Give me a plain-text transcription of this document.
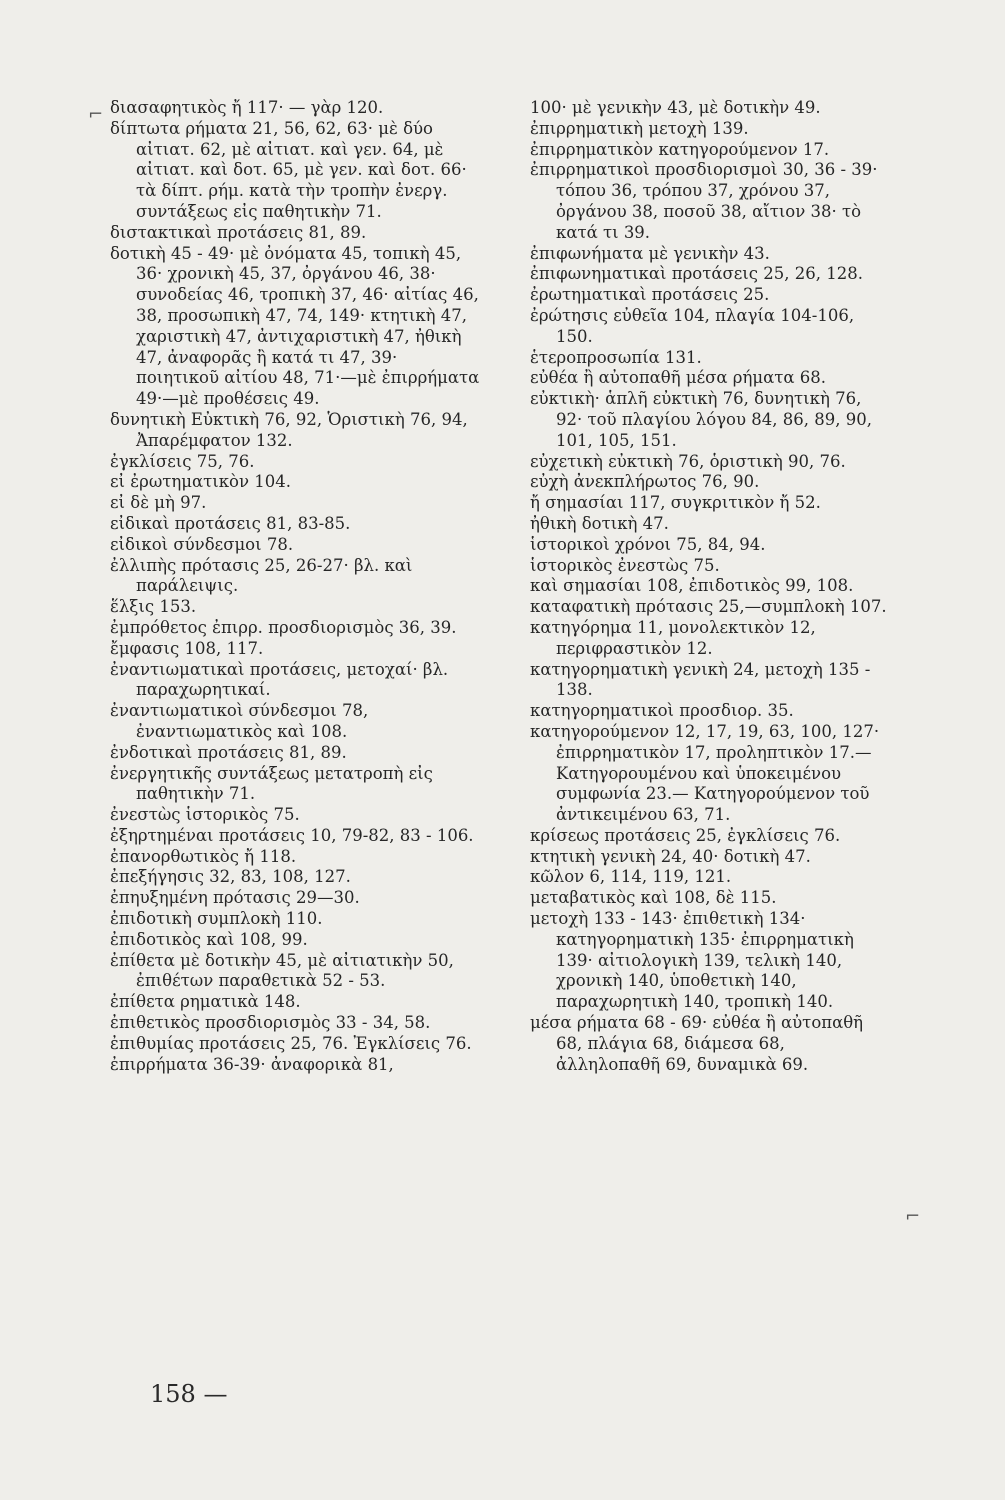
⌐
⌐

διασαφητικὸς ἤ 117· — γὰρ 120.

δίπτωτα ρήματα 21, 56, 62, 63· μὲ δύο αἰτιατ. 62, μὲ αἰτιατ. καὶ γεν. 64, μὲ αἰτιατ. καὶ δοτ. 65, μὲ γεν. καὶ δοτ. 66· τὰ δίπτ. ρήμ. κατὰ τὴν τροπὴν ἐνεργ. συντάξεως εἰς παθητικὴν 71.

διστακτικαὶ προτάσεις 81, 89.

δοτικὴ 45 - 49· μὲ ὀνόματα 45, τοπικὴ 45, 36· χρονικὴ 45, 37, ὀργάνου 46, 38· συνοδείας 46, τροπικὴ 37, 46· αἰτίας 46, 38, προσωπικὴ 47, 74, 149· κτητικὴ 47, χαριστικὴ 47, ἀντιχαριστικὴ 47, ἠθικὴ 47, ἀναφορᾶς ἢ κατά τι 47, 39· ποιητικοῦ αἰτίου 48, 71·—μὲ ἐπιρρήματα 49·—μὲ προθέσεις 49.

δυνητικὴ Εὐκτικὴ 76, 92, Ὁριστικὴ 76, 94, Ἀπαρέμφατον 132.

ἐγκλίσεις 75, 76.

εἰ ἐρωτηματικὸν 104.

εἰ δὲ μὴ 97.

εἰδικαὶ προτάσεις 81, 83-85.

εἰδικοὶ σύνδεσμοι 78.

ἐλλιπὴς πρότασις 25, 26-27· βλ. καὶ παράλειψις.

ἕλξις 153.

ἐμπρόθετος ἐπιρρ. προσδιορισμὸς 36, 39.

ἔμφασις 108, 117.

ἐναντιωματικαὶ προτάσεις, μετοχαί· βλ. παραχωρητικαί.

ἐναντιωματικοὶ σύνδεσμοι 78, ἐναντιωματικὸς καὶ 108.

ἐνδοτικαὶ προτάσεις 81, 89.

ἐνεργητικῆς συντάξεως μετατροπὴ εἰς παθητικὴν 71.

ἐνεστὼς ἱστορικὸς 75.

ἐξηρτημέναι προτάσεις 10, 79-82, 83 - 106.

ἐπανορθωτικὸς ἤ 118.

ἐπεξήγησις 32, 83, 108, 127.

ἐπηυξημένη πρότασις 29—30.

ἐπιδοτικὴ συμπλοκὴ 110.

ἐπιδοτικὸς καὶ 108, 99.

ἐπίθετα μὲ δοτικὴν 45, μὲ αἰτιατικὴν 50, ἐπιθέτων παραθετικὰ 52 - 53.

ἐπίθετα ρηματικὰ 148.

ἐπιθετικὸς προσδιορισμὸς 33 - 34, 58.

ἐπιθυμίας προτάσεις 25, 76. Ἐγκλίσεις 76.

ἐπιρρήματα 36-39· ἀναφορικὰ 81,

100· μὲ γενικὴν 43, μὲ δοτικὴν 49.

ἐπιρρηματικὴ μετοχὴ 139.

ἐπιρρηματικὸν κατηγορούμενον 17.

ἐπιρρηματικοὶ προσδιορισμοὶ 30, 36 - 39· τόπου 36, τρόπου 37, χρόνου 37, ὀργάνου 38, ποσοῦ 38, αἴτιον 38· τὸ κατά τι 39.

ἐπιφωνήματα μὲ γενικὴν 43.

ἐπιφωνηματικαὶ προτάσεις 25, 26, 128.

ἐρωτηματικαὶ προτάσεις 25.

ἐρώτησις εὐθεῖα 104, πλαγία 104-106, 150.

ἑτεροπροσωπία 131.

εὐθέα ἢ αὐτοπαθῆ μέσα ρήματα 68.

εὐκτικὴ· ἁπλῆ εὐκτικὴ 76, δυνητικὴ 76, 92· τοῦ πλαγίου λόγου 84, 86, 89, 90, 101, 105, 151.

εὐχετικὴ εὐκτικὴ 76, ὁριστικὴ 90, 76.

εὐχὴ ἀνεκπλήρωτος 76, 90.

ἤ σημασίαι 117, συγκριτικὸν ἤ 52.

ἠθικὴ δοτικὴ 47.

ἱστορικοὶ χρόνοι 75, 84, 94.

ἱστορικὸς ἐνεστὼς 75.

καὶ σημασίαι 108, ἐπιδοτικὸς 99, 108.

καταφατικὴ πρότασις 25,—συμπλοκὴ 107.

κατηγόρημα 11, μονολεκτικὸν 12, περιφραστικὸν 12.

κατηγορηματικὴ γενικὴ 24, μετοχὴ 135 - 138.

κατηγορηματικοὶ προσδιορ. 35.

κατηγορούμενον 12, 17, 19, 63, 100, 127· ἐπιρρηματικὸν 17, προληπτικὸν 17.— Κατηγορουμένου καὶ ὑποκειμένου συμφωνία 23.— Κατηγορούμενον τοῦ ἀντικειμένου 63, 71.

κρίσεως προτάσεις 25, ἐγκλίσεις 76.

κτητικὴ γενικὴ 24, 40· δοτικὴ 47.

κῶλον 6, 114, 119, 121.

μεταβατικὸς καὶ 108, δὲ 115.

μετοχὴ 133 - 143· ἐπιθετικὴ 134· κατηγορηματικὴ 135· ἐπιρρηματικὴ 139· αἰτιολογικὴ 139, τελικὴ 140, χρονικὴ 140, ὑποθετικὴ 140, παραχωρητικὴ 140, τροπικὴ 140.

μέσα ρήματα 68 - 69· εὐθέα ἢ αὐτοπαθῆ 68, πλάγια 68, διάμεσα 68, ἀλληλοπαθῆ 69, δυναμικὰ 69.

158 —
